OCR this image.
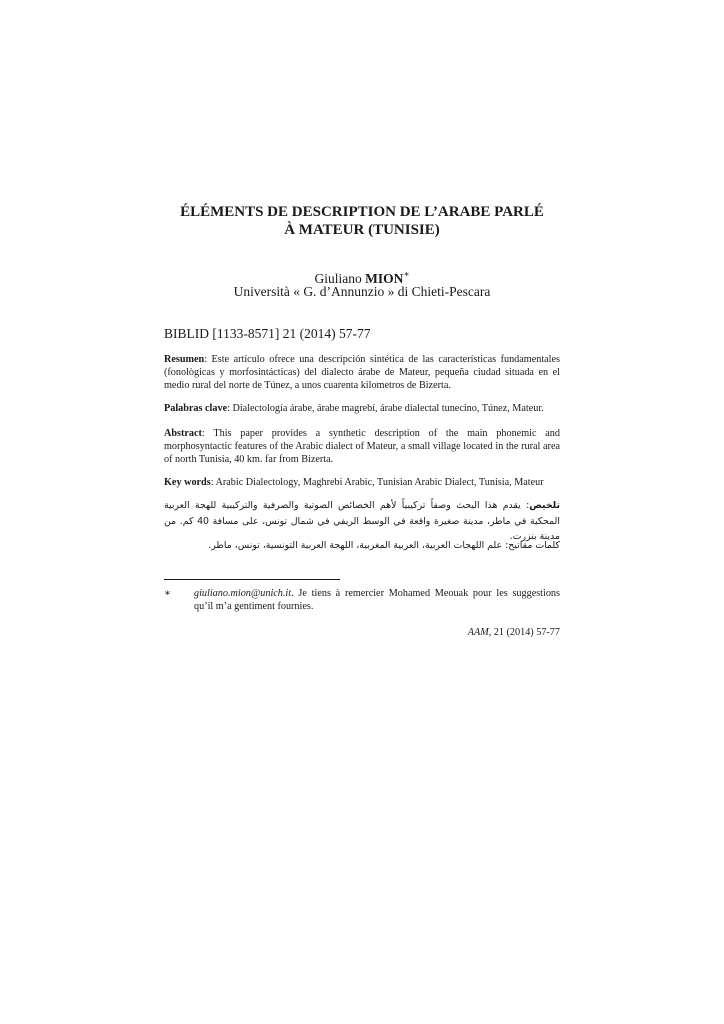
ÉLÉMENTS DE DESCRIPTION DE L’ARABE PARLÉ
À MATEUR (TUNISIE)
Giuliano MION∗
Università « G. d’Annunzio » di Chieti-Pescara
BIBLID [1133-8571] 21 (2014) 57-77

Resumen: Este artículo ofrece una descripción sintética de las características fundamentales (fonològicas y morfosintácticas) del dialecto árabe de Mateur, pequeña ciudad situada en el medio rural del norte de Túnez, a unos cuarenta kilometros de Bizerta.

Palabras clave: Dialectología árabe, árabe magrebí, árabe dialectal tunecino, Túnez, Mateur.

Abstract: This paper provides a synthetic description of the main phonemic and morphosyntactic features of the Arabic dialect of Mateur, a small village located in the rural area of north Tunisia, 40 km. far from Bizerta.

Key words: Arabic Dialectology, Maghrebi Arabic, Tunisian Arabic Dialect, Tunisia, Mateur

تلخيص: يقدم هذا البحث وصفاً تركيبياً لأهم الخصائص الصوتية والصرفية والتركيبية للهجة العربية المحكية في ماطر، مدينة صغيرة واقعة في الوسط الريفي في شمال تونس، على مسافة 40 كم. من مدينة بنزرت.

كلمات مفاتيح: علم اللهجات العربية، العربية المغربية، اللهجة العربية التونسية، تونس، ماطر.

∗	giuliano.mion@unich.it. Je tiens à remercier Mohamed Meouak pour les suggestions qu’il m’a gentiment fournies.
AAM, 21 (2014) 57-77
